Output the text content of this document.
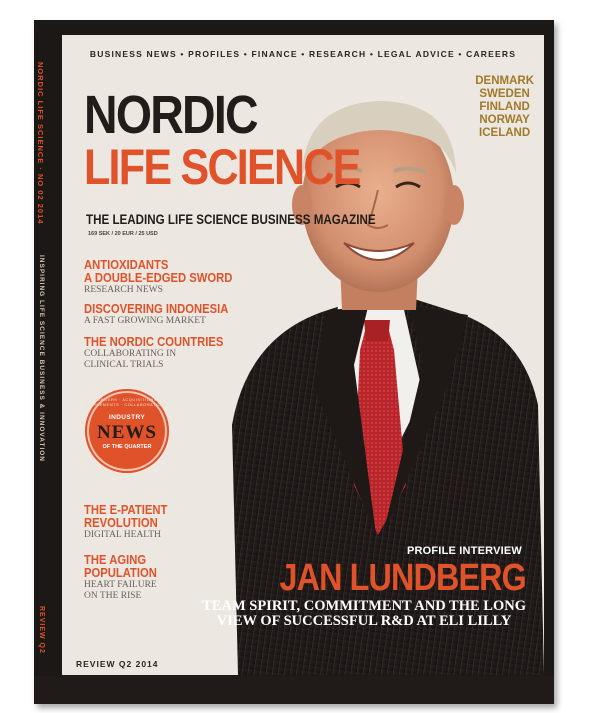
NORDIC LIFE SCIENCE · NO 02 2014
INSPIRING LIFE SCIENCE BUSINESS & INNOVATION
REVIEW Q2
BUSINESS NEWS • PROFILES • FINANCE • RESEARCH • LEGAL ADVICE • CAREERS
DENMARK
SWEDEN
FINLAND
NORWAY
ICELAND
NORDIC
LIFE SCIENCE
THE LEADING LIFE SCIENCE BUSINESS MAGAZINE
169 SEK / 20 EUR / 25 USD
ANTIOXIDANTS
A DOUBLE-EDGED SWORD
RESEARCH NEWS
DISCOVERING INDONESIA
A FAST GROWING MARKET
THE NORDIC COUNTRIES
COLLABORATING IN
CLINICAL TRIALS
MERGERS · ACQUISITIONS · AGREEMENTS · COLLABORATIONS
INDUSTRY
NEWS
OF THE QUARTER
THE E-PATIENT
REVOLUTION
DIGITAL HEALTH
THE AGING
POPULATION
HEART FAILURE
ON THE RISE
PROFILE INTERVIEW
JAN LUNDBERG
TEAM SPIRIT, COMMITMENT AND THE LONG
VIEW OF SUCCESSFUL R&D AT ELI LILLY
REVIEW Q2 2014
